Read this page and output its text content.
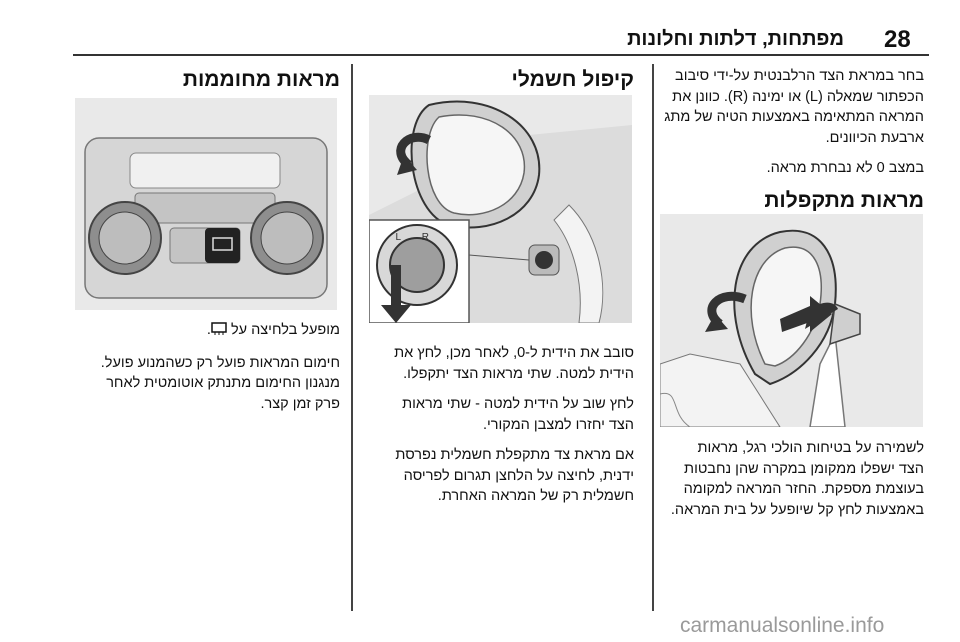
28
מפתחות, דלתות וחלונות
בחר במראת הצד הרלבנטית על-ידי סיבוב
הכפתור שמאלה (L) או ימינה (R). כוונן את
המראה המתאימה באמצעות הטיה של מתג
ארבעת הכיוונים.
במצב 0 לא נבחרת מראה.
מראות מתקפלות
לשמירה על בטיחות הולכי רגל, מראות
הצד ישפלו ממקומן במקרה שהן נחבטות
בעוצמת מספקת. החזר המראה למקומה
באמצעות לחץ קל שיופעל על בית המראה.
קיפול חשמלי
L R
סובב את הידית ל-0, לאחר מכן, לחץ את
הידית למטה. שתי מראות הצד יתקפלו.
לחץ שוב על הידית למטה - שתי מראות
הצד יחזרו למצבן המקורי.
אם מראת צד מתקפלת חשמלית נפרסת
ידנית, לחיצה על הלחצן תגרום לפריסה
חשמלית רק של המראה האחרת.
מראות מחוממות
מופעל בלחיצה על .
חימום המראות פועל רק כשהמנוע פועל.
מנגנון החימום מתנתק אוטומטית לאחר
פרק זמן קצר.
carmanualsonline.info
